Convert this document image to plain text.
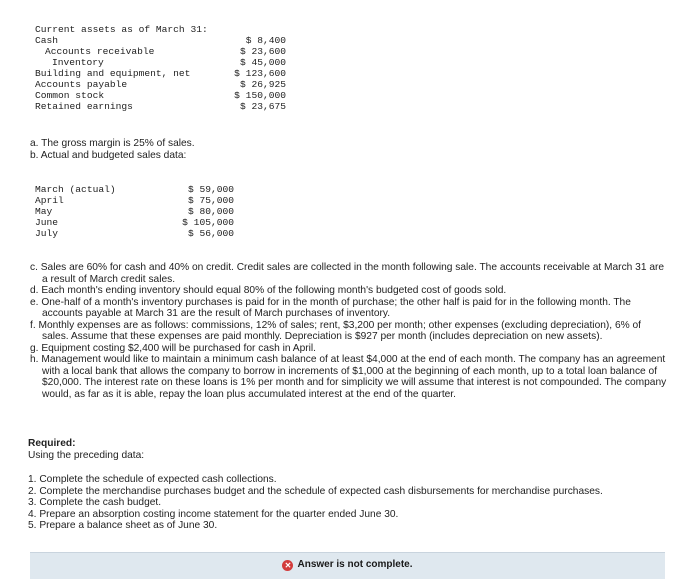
Current assets as of March 31:
Cash
Accounts receivable
Inventory
Building and equipment, net
Accounts payable
Common stock
Retained earnings
$ 8,400
$ 23,600
$ 45,000
$ 123,600
$ 26,925
$ 150,000
$ 23,675
a. The gross margin is 25% of sales.
b. Actual and budgeted sales data:
March (actual)
April
May
June
July
$ 59,000
$ 75,000
$ 80,000
$ 105,000
$ 56,000

c. Sales are 60% for cash and 40% on credit. Credit sales are collected in the month following sale. The accounts receivable at March 31 are a result of March credit sales.

d. Each month's ending inventory should equal 80% of the following month's budgeted cost of goods sold.

e. One-half of a month's inventory purchases is paid for in the month of purchase; the other half is paid for in the following month. The accounts payable at March 31 are the result of March purchases of inventory.

f. Monthly expenses are as follows: commissions, 12% of sales; rent, $3,200 per month; other expenses (excluding depreciation), 6% of sales. Assume that these expenses are paid monthly. Depreciation is $927 per month (includes depreciation on new assets).

g. Equipment costing $2,400 will be purchased for cash in April.

h. Management would like to maintain a minimum cash balance of at least $4,000 at the end of each month. The company has an agreement with a local bank that allows the company to borrow in increments of $1,000 at the beginning of each month, up to a total loan balance of $20,000. The interest rate on these loans is 1% per month and for simplicity we will assume that interest is not compounded. The company would, as far as it is able, repay the loan plus accumulated interest at the end of the quarter.

Required:
Using the preceding data:
1. Complete the schedule of expected cash collections.
2. Complete the merchandise purchases budget and the schedule of expected cash disbursements for merchandise purchases.
3. Complete the cash budget.
4. Prepare an absorption costing income statement for the quarter ended June 30.
5. Prepare a balance sheet as of June 30.
✕ Answer is not complete.
